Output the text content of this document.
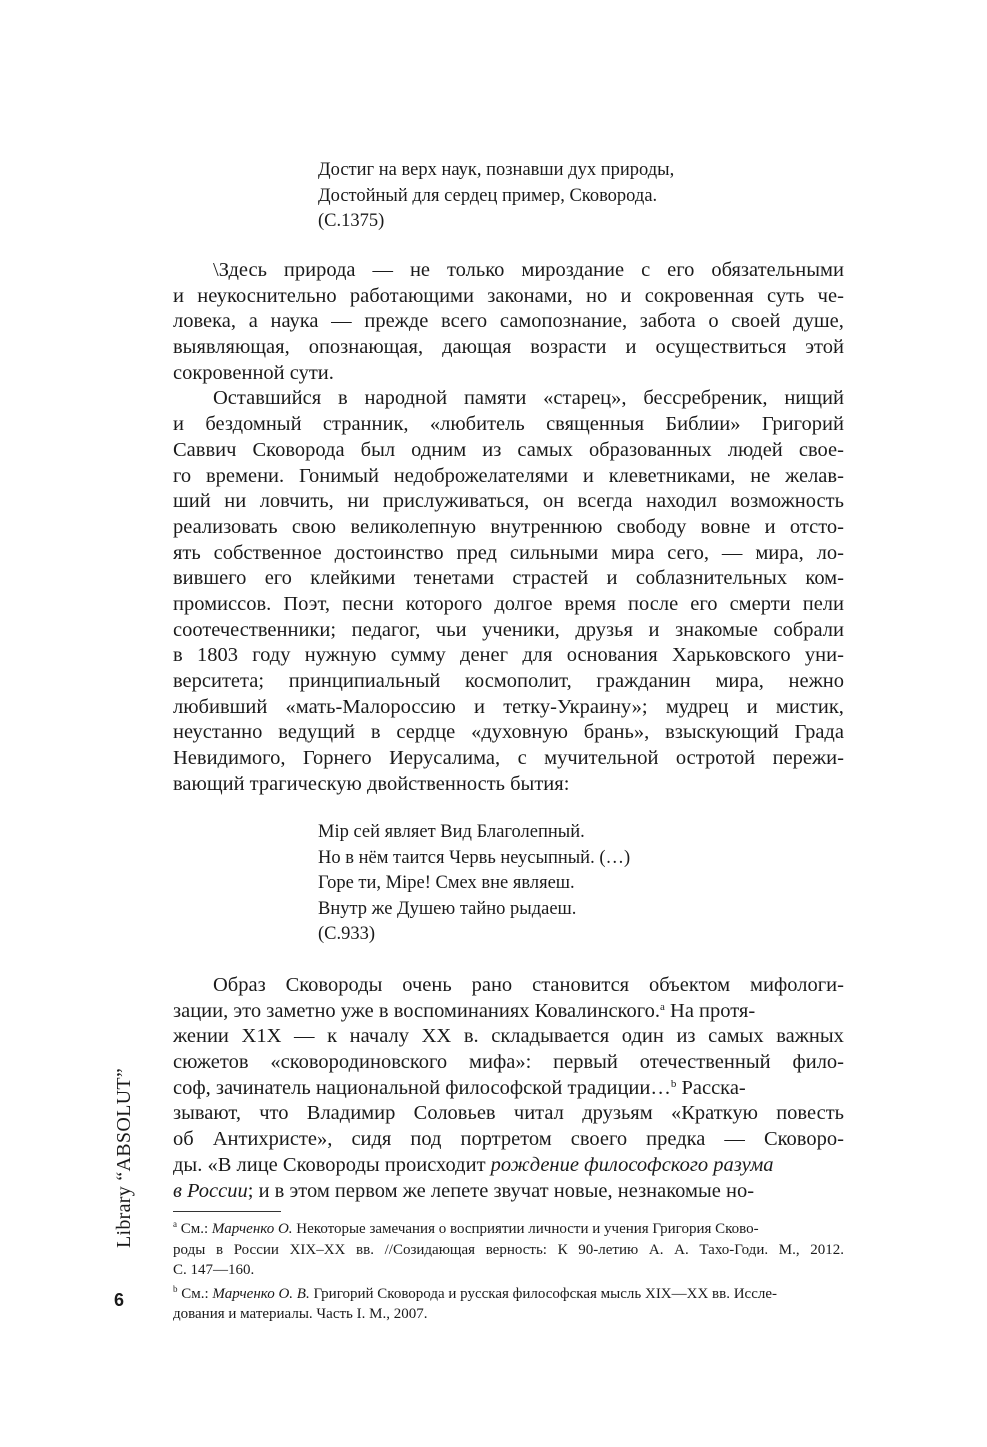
Достиг на верх наук, познавши дух природы,
Достойный для сердец пример, Сковорода.
(С.1375)
\Здесь природа — не только мироздание с его обязательными
и неукоснительно работающими законами, но и сокровенная суть че-
ловека, а наука — прежде всего самопознание, забота о своей душе,
выявляющая, опознающая, дающая возрасти и осуществиться этой
сокровенной сути.
Оставшийся в народной памяти «старец», бессребреник, нищий
и бездомный странник, «любитель священныя Библии» Григорий
Саввич Сковорода был одним из самых образованных людей свое-
го времени. Гонимый недоброжелателями и клеветниками, не желав-
ший ни ловчить, ни прислуживаться, он всегда находил возможность
реализовать свою великолепную внутреннюю свободу вовне и отсто-
ять собственное достоинство пред сильными мира сего, — мира, ло-
вившего его клейкими тенетами страстей и соблазнительных ком-
промиссов. Поэт, песни которого долгое время после его смерти пели
соотечественники; педагог, чьи ученики, друзья и знакомые собрали
в 1803 году нужную сумму денег для основания Харьковского уни-
верситета; принципиальный космополит, гражданин мира, нежно
любивший «мать-Малороссию и тетку-Украину»; мудрец и мистик,
неустанно ведущий в сердце «духовную брань», взыскующий Града
Невидимого, Горнего Иерусалима, с мучительной остротой пережи-
вающий трагическую двойственность бытия:
Мір сей являет Вид Благолепный.
Но в нём таится Червь неусыпный. (…)
Горе ти, Міре! Смех вне являеш.
Внутр же Душею тайно рыдаеш.
(С.933)
Образ Сковороды очень рано становится объектом мифологи-
зации, это заметно уже в воспоминаниях Ковалинского.$^a$ На протя-
жении Х1Х — к началу ХХ в. складывается один из самых важных
сюжетов «сковородиновского мифа»: первый отечественный фило-
соф, зачинатель национальной философской традиции…$^b$ Расска-
зывают, что Владимир Соловьев читал друзьям «Краткую повесть
об Антихристе», сидя под портретом своего предка — Сковоро-
ды. «В лице Сковороды происходит рождение философского разума
в России; и в этом первом же лепете звучат новые, незнакомые но-
$^a$ См.: Марченко О. Некоторые замечания о восприятии личности и учения Григория Сково-
роды в России XIX–XX вв. //Созидающая верность: К 90-летию А. А. Тахо-Годи. М., 2012.
С. 147—160.
$^b$ См.: Марченко О. В. Григорий Сковорода и русская философская мысль XIX—XX вв. Иссле-
дования и материалы. Часть I. М., 2007.
Library “ABSOLUT”
6
